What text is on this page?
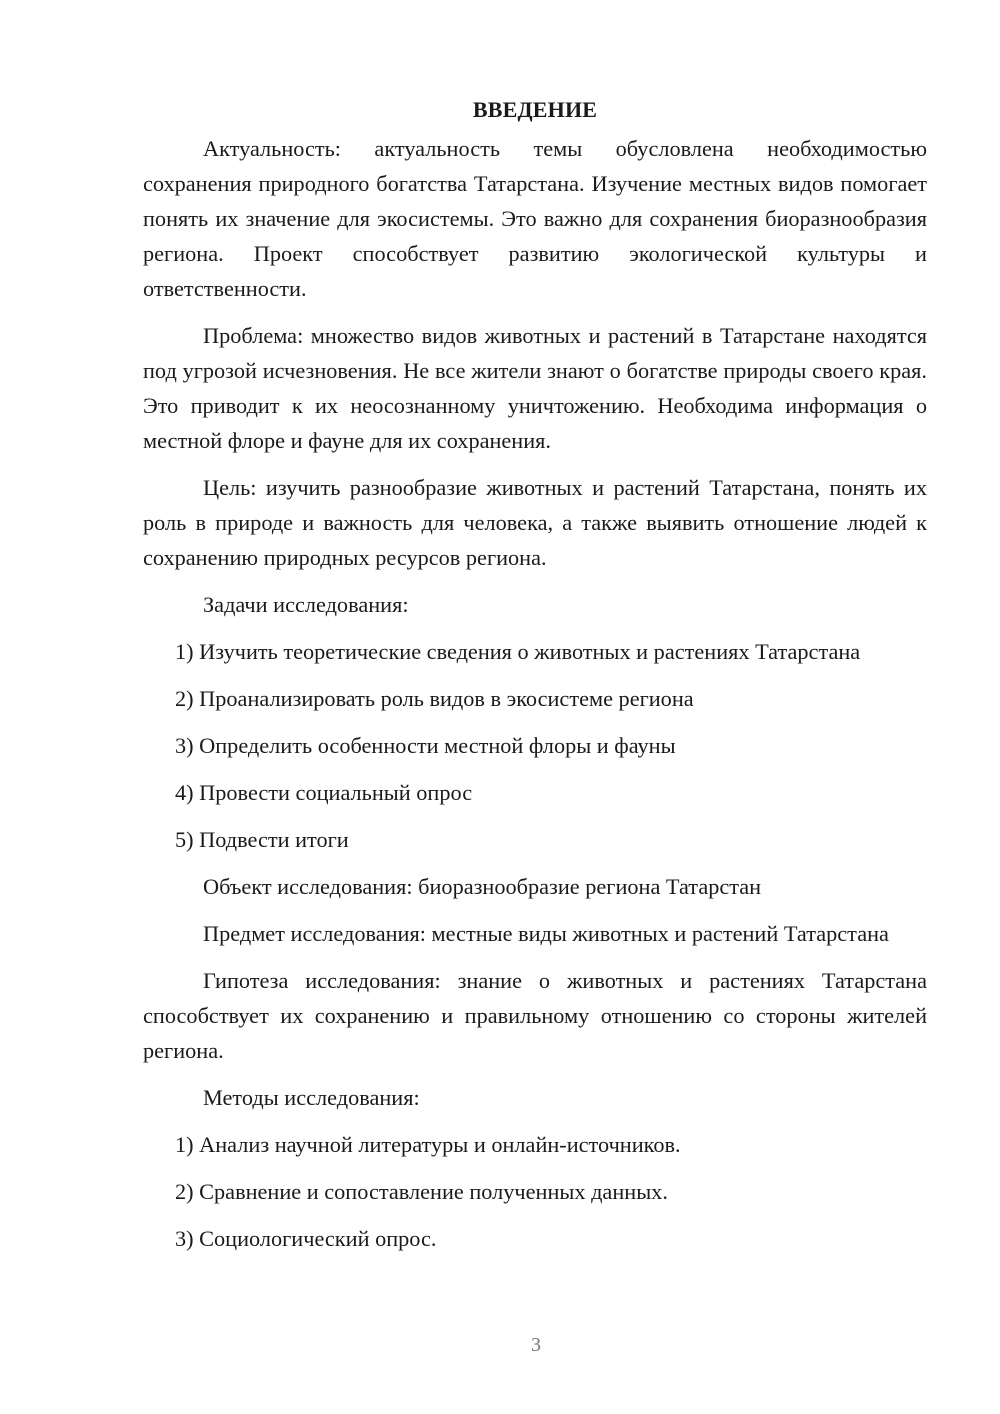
ВВЕДЕНИЕ

Актуальность: актуальность темы обусловлена необходимостью сохранения природного богатства Татарстана. Изучение местных видов помогает понять их значение для экосистемы. Это важно для сохранения биоразнообразия региона. Проект способствует развитию экологической культуры и ответственности.

Проблема: множество видов животных и растений в Татарстане находятся под угрозой исчезновения. Не все жители знают о богатстве природы своего края. Это приводит к их неосознанному уничтожению. Необходима информация о местной флоре и фауне для их сохранения.

Цель: изучить разнообразие животных и растений Татарстана, понять их роль в природе и важность для человека, а также выявить отношение людей к сохранению природных ресурсов региона.

Задачи исследования:

1) Изучить теоретические сведения о животных и растениях Татарстана

2) Проанализировать роль видов в экосистеме региона

3) Определить особенности местной флоры и фауны

4) Провести социальный опрос

5) Подвести итоги

Объект исследования: биоразнообразие региона Татарстан

Предмет исследования: местные виды животных и растений Татарстана

Гипотеза исследования: знание о животных и растениях Татарстана способствует их сохранению и правильному отношению со стороны жителей региона.

Методы исследования:

1) Анализ научной литературы и онлайн-источников.

2) Сравнение и сопоставление полученных данных.

3) Социологический опрос.

3
